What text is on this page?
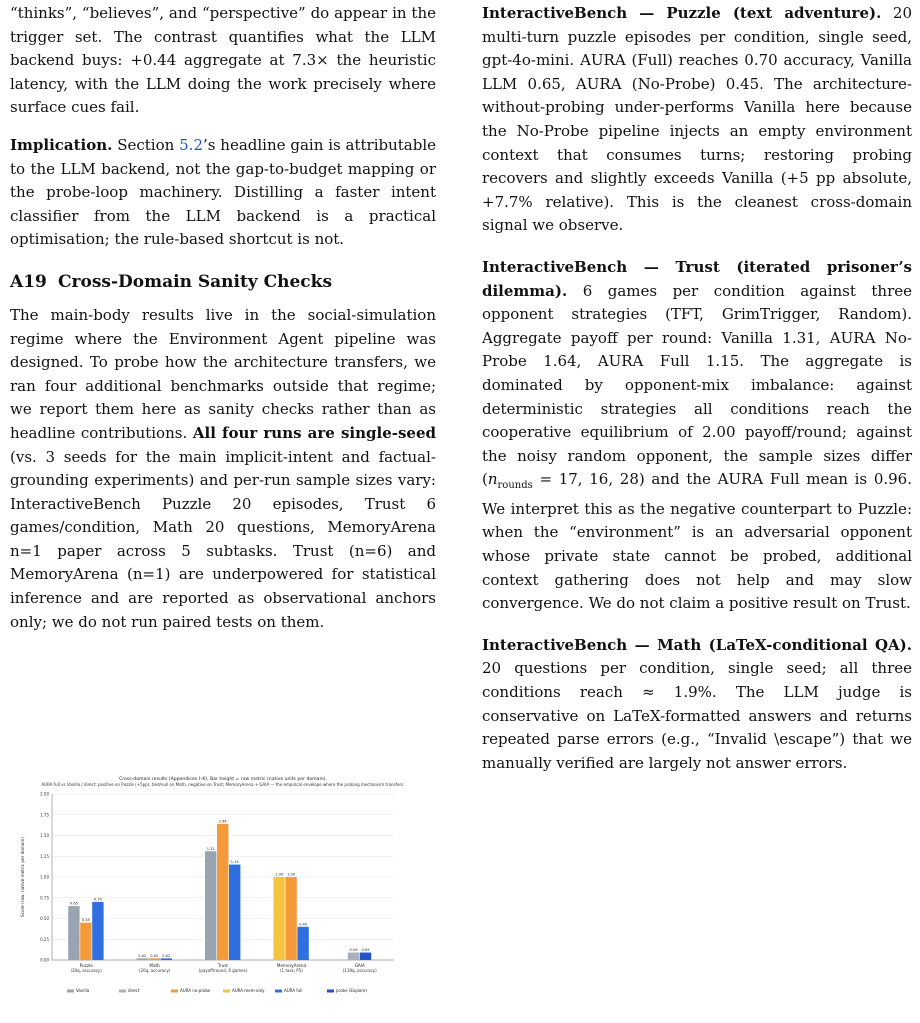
“thinks”, “believes”, and “perspective” do appear in the trigger set. The contrast quantifies what the LLM backend buys: +0.44 aggregate at 7.3× the heuristic latency, with the LLM doing the work precisely where surface cues fail.

Implication. Section 5.2’s headline gain is attributable to the LLM backend, not the gap-to-budget mapping or the probe-loop machinery. Distilling a faster intent classifier from the LLM backend is a practical optimisation; the rule-based shortcut is not.

A19 Cross-Domain Sanity Checks

The main-body results live in the social-simulation regime where the Environment Agent pipeline was designed. To probe how the architecture transfers, we ran four additional benchmarks outside that regime; we report them here as sanity checks rather than as headline contributions. All four runs are single-seed (vs. 3 seeds for the main implicit-intent and factual-grounding experiments) and per-run sample sizes vary: InteractiveBench Puzzle 20 episodes, Trust 6 games/condition, Math 20 questions, MemoryArena n=1 paper across 5 subtasks. Trust (n=6) and MemoryArena (n=1) are underpowered for statistical inference and are reported as observational anchors only; we do not run paired tests on them.

Cross-domain results (Appendices I–K). Bar height = raw metric (native units per domain).
AURA full vs Vanilla / direct: positive on Puzzle (+5pp), tied/null on Math, negative on Trust; MemoryArena + GAIA — the empirical envelope where the probing mechanism transfers.
Score (raw, native metric per domain)
0.00
0.25
0.50
0.75
1.00
1.25
1.50
1.75
2.00
0.65
0.45
0.70
0.02 0.02 0.02
1.31
1.64
1.15
1.00 1.00
0.40
0.09 0.09
Puzzle
(20q, accuracy)
Math
(20q, accuracy)
Trust
(payoff/round, 6 games)
MemoryArena
(1 task, P5)
GAIA
(139q, accuracy)
Vanilla	direct	AURA no-probe	AURA mem-only	AURA full	probe (Explore)

InteractiveBench — Puzzle (text adventure). 20 multi-turn puzzle episodes per condition, single seed, gpt-4o-mini. AURA (Full) reaches 0.70 accuracy, Vanilla LLM 0.65, AURA (No-Probe) 0.45. The architecture-without-probing under-performs Vanilla here because the No-Probe pipeline injects an empty environment context that consumes turns; restoring probing recovers and slightly exceeds Vanilla (+5 pp absolute, +7.7% relative). This is the cleanest cross-domain signal we observe.

InteractiveBench — Trust (iterated prisoner’s dilemma). 6 games per condition against three opponent strategies (TFT, GrimTrigger, Random). Aggregate payoff per round: Vanilla 1.31, AURA No-Probe 1.64, AURA Full 1.15. The aggregate is dominated by opponent-mix imbalance: against deterministic strategies all conditions reach the cooperative equilibrium of 2.00 payoff/round; against the noisy random opponent, the sample sizes differ ($n_{rounds} = 17$, 16, 28) and the AURA Full mean is 0.96. We interpret this as the negative counterpart to Puzzle: when the “environment” is an adversarial opponent whose private state cannot be probed, additional context gathering does not help and may slow convergence. We do not claim a positive result on Trust.

InteractiveBench — Math (LaTeX-conditional QA). 20 questions per condition, single seed; all three conditions reach ≈ 1.9%. The LLM judge is conservative on LaTeX-formatted answers and returns repeated parse errors (e.g., “Invalid \escape”) that we manually verified are largely not answer errors.
